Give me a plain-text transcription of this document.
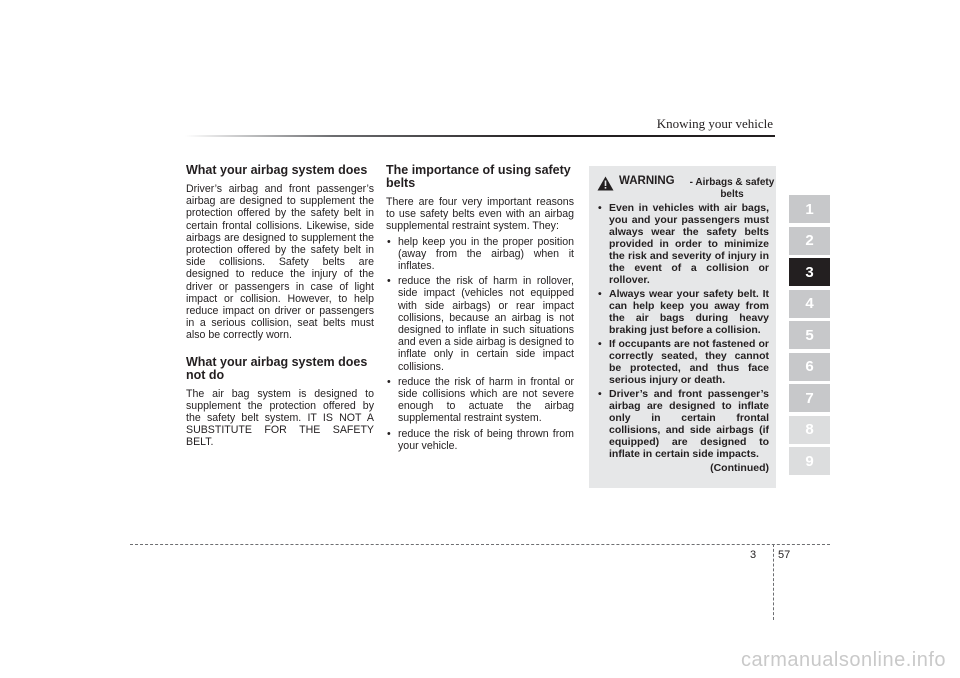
Knowing your vehicle
What your airbag system does

Driver’s airbag and front passenger’s airbag are designed to supplement the protection offered by the safety belt in certain frontal collisions. Likewise, side airbags are designed to supplement the protection offered by the safety belt in side collisions. Safety belts are designed to reduce the injury of the driver or passengers in case of light impact or collision. However, to help reduce impact on driver or passengers in a serious collision, seat belts must also be correctly worn.

What your airbag system does not do

The air bag system is designed to supplement the protection offered by the safety belt system. IT IS NOT A SUBSTITUTE FOR THE SAFETY BELT.

The importance of using safety belts

There are four very important reasons to use safety belts even with an airbag supplemental restraint system. They:

• help keep you in the proper position (away from the airbag) when it inflates.
• reduce the risk of harm in rollover, side impact (vehicles not equipped with side airbags) or rear impact collisions, because an airbag is not designed to inflate in such situations and even a side airbag is designed to inflate only in certain side impact collisions.
• reduce the risk of harm in frontal or side collisions which are not severe enough to actuate the airbag supplemental restraint system.
• reduce the risk of being thrown from your vehicle.
WARNING - Airbags & safety belts
• Even in vehicles with air bags, you and your passengers must always wear the safety belts provided in order to minimize the risk and severity of injury in the event of a collision or rollover.
• Always wear your safety belt. It can help keep you away from the air bags during heavy braking just before a collision.
• If occupants are not fastened or correctly seated, they cannot be protected, and thus face serious injury or death.
• Driver’s and front passenger’s airbag are designed to inflate only in certain frontal collisions, and side airbags (if equipped) are designed to inflate in certain side impacts.
(Continued)
1
2
3
4
5
6
7
8
9
3 57
carmanualsonline.info
